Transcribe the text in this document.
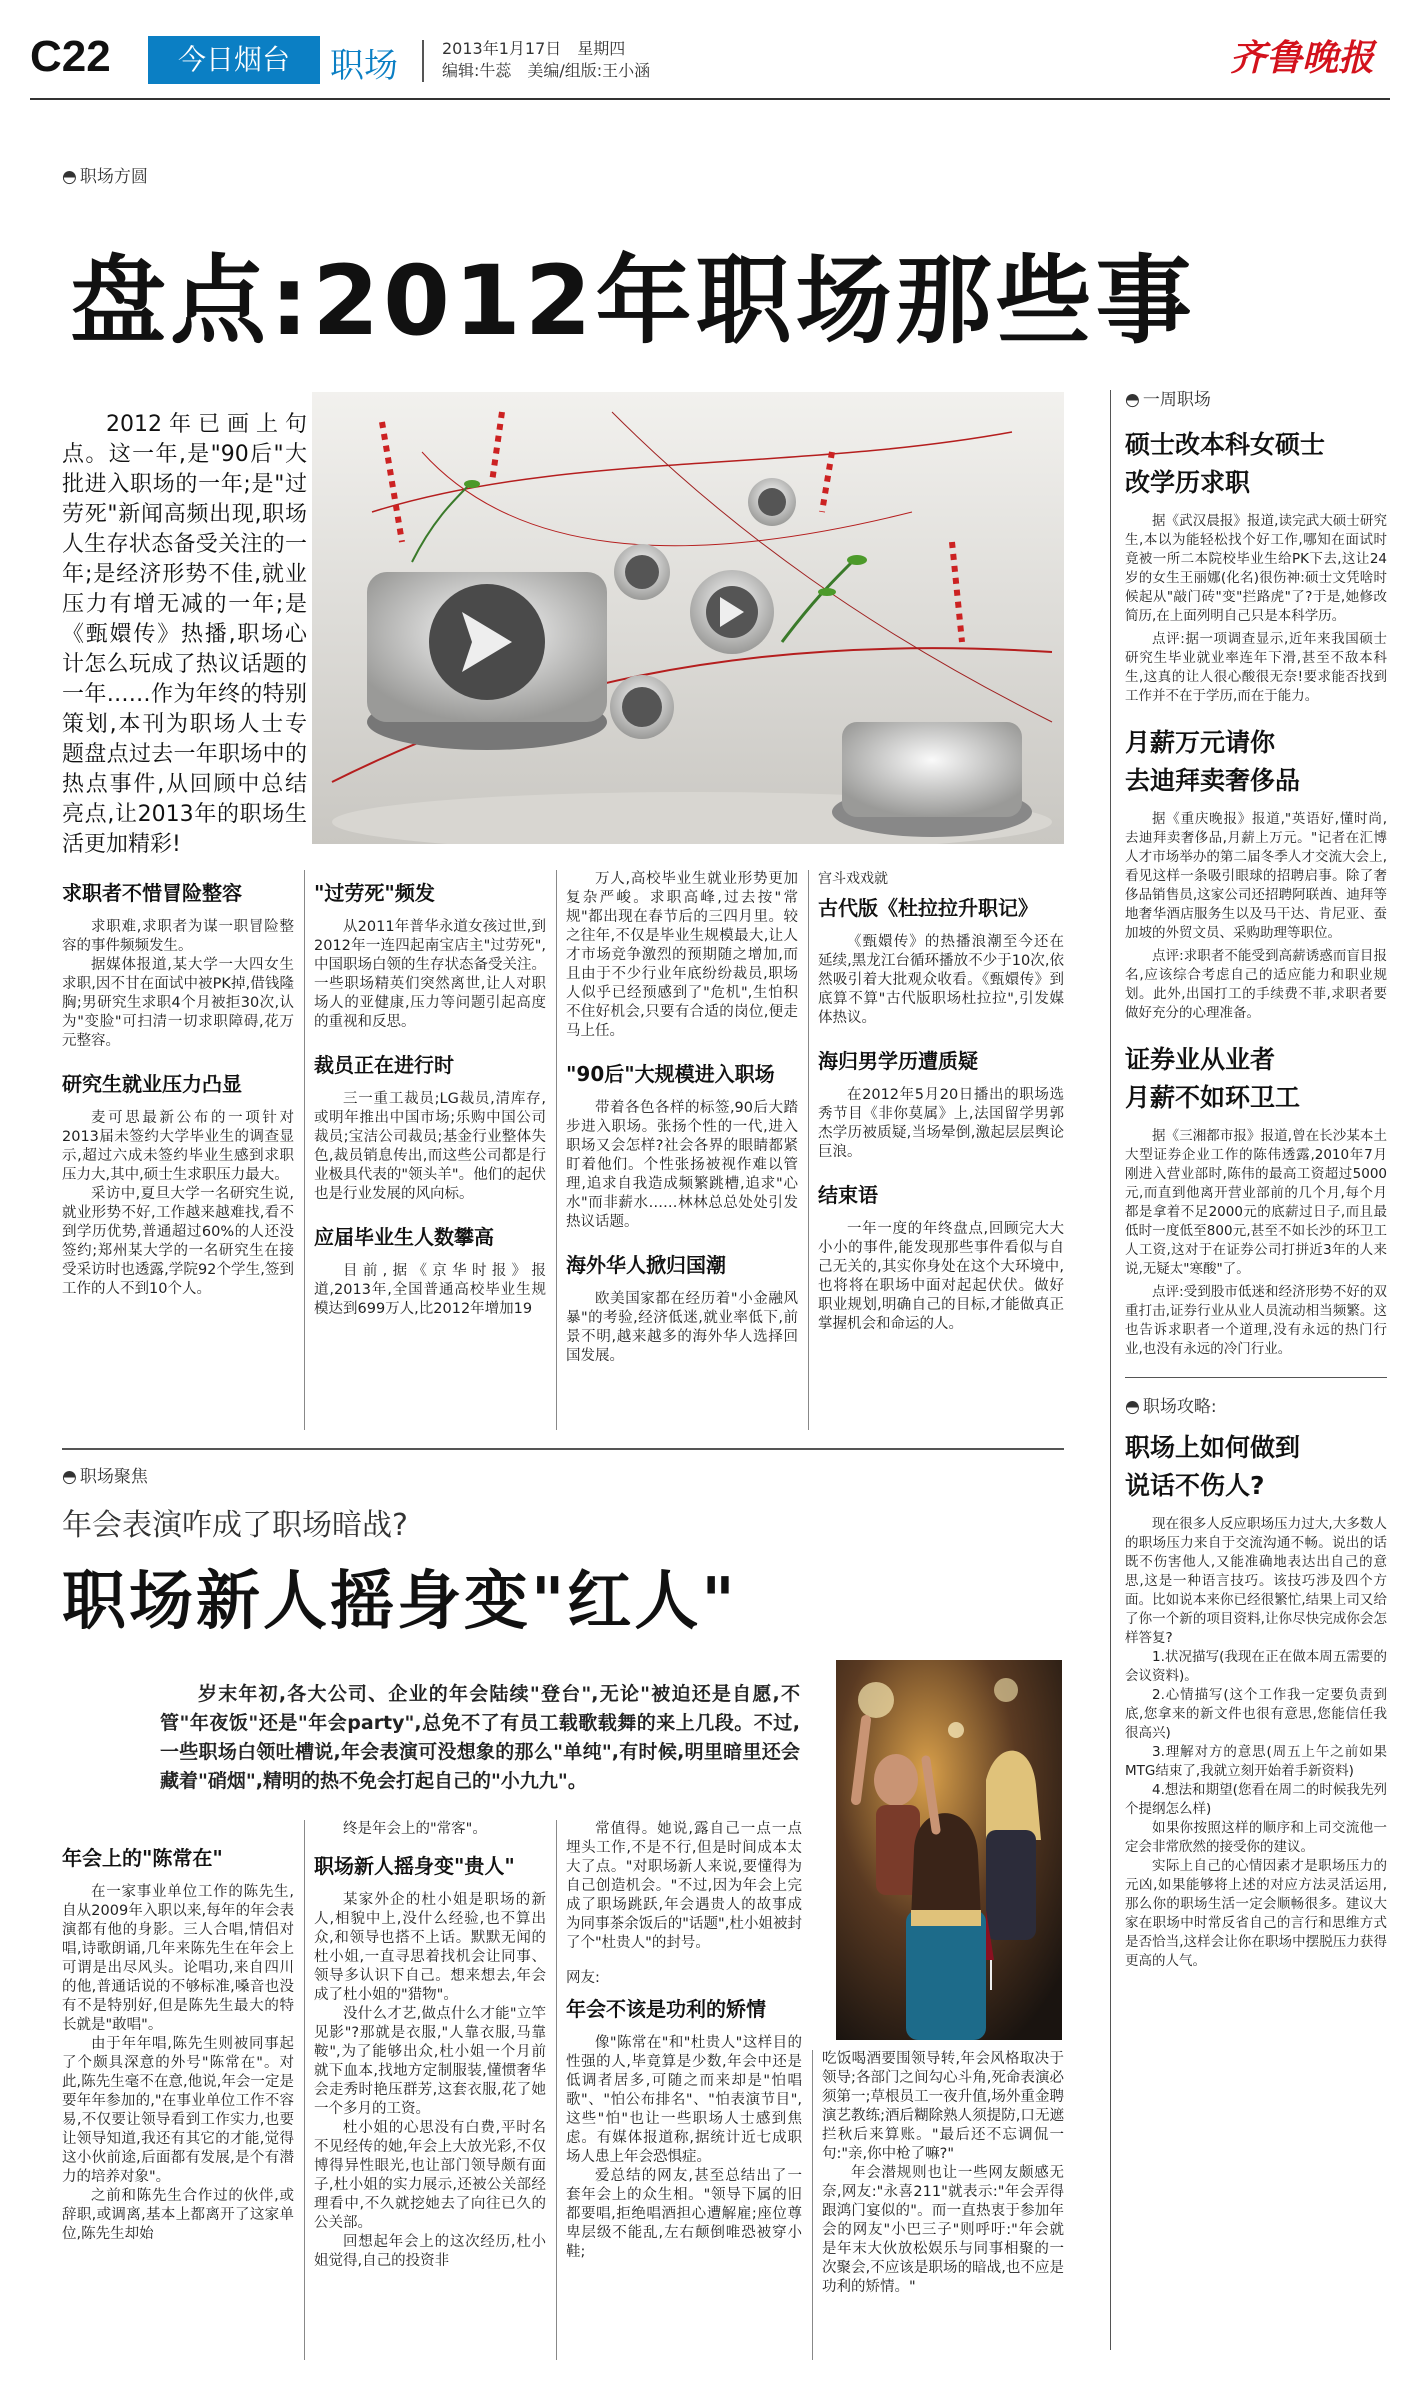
C22	今日烟台	职场	2013年1月17日　星期四
编辑:牛蕊　美编/组版:王小涵	齐鲁晚报
◓ 职场方圆
盘点:2012年职场那些事

2012年已画上句点。这一年,是"90后"大批进入职场的一年;是"过劳死"新闻高频出现,职场人生存状态备受关注的一年;是经济形势不佳,就业压力有增无减的一年;是《甄嬛传》热播,职场心计怎么玩成了热议话题的一年……作为年终的特别策划,本刊为职场人士专题盘点过去一年职场中的热点事件,从回顾中总结亮点,让2013年的职场生活更加精彩!

求职者不惜冒险整容

求职难,求职者为谋一职冒险整容的事件频频发生。

据媒体报道,某大学一大四女生求职,因不甘在面试中被PK掉,借钱隆胸;男研究生求职4个月被拒30次,认为"变脸"可扫清一切求职障碍,花万元整容。

研究生就业压力凸显

麦可思最新公布的一项针对2013届未签约大学毕业生的调查显示,超过六成未签约毕业生感到求职压力大,其中,硕士生求职压力最大。

采访中,夏旦大学一名研究生说,就业形势不好,工作越来越难找,看不到学历优势,普通超过60%的人还没签约;郑州某大学的一名研究生在接受采访时也透露,学院92个学生,签到工作的人不到10个人。

"过劳死"频发

从2011年普华永道女孩过世,到2012年一连四起南宝店主"过劳死",中国职场白领的生存状态备受关注。一些职场精英们突然离世,让人对职场人的亚健康,压力等问题引起高度的重视和反思。

裁员正在进行时

三一重工裁员;LG裁员,清库存,或明年推出中国市场;乐购中国公司裁员;宝洁公司裁员;基金行业整体失色,裁员销息传出,而这些公司都是行业极具代表的"领头羊"。他们的起伏也是行业发展的风向标。

应届毕业生人数攀高

目前,据《京华时报》报道,2013年,全国普通高校毕业生规模达到699万人,比2012年增加19

万人,高校毕业生就业形势更加复杂严峻。求职高峰,过去按"常规"都出现在春节后的三四月里。较之往年,不仅是毕业生规模最大,让人才市场竞争激烈的预期随之增加,而且由于不少行业年底纷纷裁员,职场人似乎已经预感到了"危机",生怕积不住好机会,只要有合适的岗位,便走马上任。

"90后"大规模进入职场

带着各色各样的标签,90后大踏步进入职场。张扬个性的一代,进入职场又会怎样?社会各界的眼睛都紧盯着他们。个性张扬被视作难以管理,追求自我造成频繁跳槽,追求"心水"而非薪水……林林总总处处引发热议话题。

海外华人掀归国潮

欧美国家都在经历着"小金融风暴"的考验,经济低迷,就业率低下,前景不明,越来越多的海外华人选择回国发展。

宫斗戏戏就
古代版《杜拉拉升职记》

《甄嬛传》的热播浪潮至今还在延续,黑龙江台循环播放不少于10次,依然吸引着大批观众收看。《甄嬛传》到底算不算"古代版职场杜拉拉",引发媒体热议。

海归男学历遭质疑

在2012年5月20日播出的职场选秀节目《非你莫属》上,法国留学男郭杰学历被质疑,当场晕倒,激起层层舆论巨浪。

结束语

一年一度的年终盘点,回顾完大大小小的事件,能发现那些事件看似与自己无关的,其实你身处在这个大环境中,也将将在职场中面对起起伏伏。做好职业规划,明确自己的目标,才能做真正掌握机会和命运的人。

◓ 一周职场
硕士改本科女硕士
改学历求职

据《武汉晨报》报道,读完武大硕士研究生,本以为能轻松找个好工作,哪知在面试时竟被一所二本院校毕业生给PK下去,这让24岁的女生王丽娜(化名)很伤神:硕士文凭啥时候起从"敲门砖"变"拦路虎"了?于是,她修改简历,在上面列明自己只是本科学历。

点评:据一项调查显示,近年来我国硕士研究生毕业就业率连年下滑,甚至不敌本科生,这真的让人很心酸很无奈!要求能否找到工作并不在于学历,而在于能力。

月薪万元请你
去迪拜卖奢侈品

据《重庆晚报》报道,"英语好,懂时尚,去迪拜卖奢侈品,月薪上万元。"记者在汇博人才市场举办的第二届冬季人才交流大会上,看见这样一条吸引眼球的招聘启事。除了奢侈品销售员,这家公司还招聘阿联酋、迪拜等地奢华酒店服务生以及马干达、肯尼亚、蚕加坡的外贸文员、采购助理等职位。

点评:求职者不能受到高薪诱惑而盲目报名,应该综合考虑自己的适应能力和职业规划。此外,出国打工的手续费不菲,求职者要做好充分的心理准备。

证券业从业者
月薪不如环卫工

据《三湘都市报》报道,曾在长沙某本土大型证券企业工作的陈伟透露,2010年7月刚进入营业部时,陈伟的最高工资超过5000元,而直到他离开营业部前的几个月,每个月都是拿着不足2000元的底薪过日子,而且最低时一度低至800元,甚至不如长沙的环卫工人工资,这对于在证券公司打拼近3年的人来说,无疑太"寒酸"了。

点评:受到股市低迷和经济形势不好的双重打击,证券行业从业人员流动相当频繁。这也告诉求职者一个道理,没有永远的热门行业,也没有永远的冷门行业。

◓ 职场攻略:
职场上如何做到
说话不伤人?

现在很多人反应职场压力过大,大多数人的职场压力来自于交流沟通不畅。说出的话既不伤害他人,又能准确地表达出自己的意思,这是一种语言技巧。该技巧涉及四个方面。比如说本来你已经很繁忙,结果上司又给了你一个新的项目资料,让你尽快完成你会怎样答复?

1.状况描写(我现在正在做本周五需要的会议资料)。

2.心情描写(这个工作我一定要负责到底,您拿来的新文件也很有意思,您能信任我很高兴)

3.理解对方的意思(周五上午之前如果MTG结束了,我就立刻开始着手新资料)

4.想法和期望(您看在周二的时候我先列个提纲怎么样)

如果你按照这样的顺序和上司交流他一定会非常欣然的接受你的建议。

实际上自己的心情因素才是职场压力的元凶,如果能够将上述的对应方法灵活运用,那么你的职场生活一定会顺畅很多。建议大家在职场中时常反省自己的言行和思维方式是否恰当,这样会让你在职场中摆脱压力获得更高的人气。

◓ 职场聚焦
年会表演咋成了职场暗战?
职场新人摇身变"红人"
岁末年初,各大公司、企业的年会陆续"登台",无论"被迫还是自愿,不管"年夜饭"还是"年会party",总免不了有员工载歌载舞的来上几段。不过,一些职场白领吐槽说,年会表演可没想象的那么"单纯",有时候,明里暗里还会藏着"硝烟",精明的热不免会打起自己的"小九九"。
年会上的"陈常在"

在一家事业单位工作的陈先生,自从2009年入职以来,每年的年会表演都有他的身影。三人合唱,情侣对唱,诗歌朗诵,几年来陈先生在年会上可谓是出尽风头。论唱功,来自四川的他,普通话说的不够标准,嗓音也没有不是特别好,但是陈先生最大的特长就是"敢唱"。

由于年年唱,陈先生则被同事起了个颇具深意的外号"陈常在"。对此,陈先生毫不在意,他说,年会一定是要年年参加的,"在事业单位工作不容易,不仅要让领导看到工作实力,也要让领导知道,我还有其它的才能,觉得这小伙前途,后面都有发展,是个有潜力的培养对象"。

之前和陈先生合作过的伙伴,或辞职,或调离,基本上都离开了这家单位,陈先生却始

终是年会上的"常客"。

职场新人摇身变"贵人"

某家外企的杜小姐是职场的新人,相貌中上,没什么经验,也不算出众,和领导也搭不上话。默默无闻的杜小姐,一直寻思着找机会让同事、领导多认识下自己。想来想去,年会成了杜小姐的"猎物"。

没什么才艺,做点什么才能"立竿见影"?那就是衣服,"人靠衣服,马靠鞍",为了能够出众,杜小姐一个月前就下血本,找地方定制服装,懂惯奢华会走秀时艳压群芳,这套衣服,花了她一个多月的工资。

杜小姐的心思没有白费,平时名不见经传的她,年会上大放光彩,不仅博得异性眼光,也让部门领导颇有面子,杜小姐的实力展示,还被公关部经理看中,不久就挖她去了向往已久的公关部。

回想起年会上的这次经历,杜小姐觉得,自己的投资非

常值得。她说,露自己一点一点埋头工作,不是不行,但是时间成本太大了点。"对职场新人来说,要懂得为自己创造机会。"不过,因为年会上完成了职场跳跃,年会遇贵人的故事成为同事茶余饭后的"话题",杜小姐被封了个"杜贵人"的封号。

网友:
年会不该是功利的矫情

像"陈常在"和"杜贵人"这样目的性强的人,毕竟算是少数,年会中还是低调者居多,可随之而来却是"怕唱歌"、"怕公布排名"、"怕表演节目",这些"怕"也让一些职场人士感到焦虑。有媒体报道称,据统计近七成职场人患上年会恐惧症。

爱总结的网友,甚至总结出了一套年会上的众生相。"领导下属的旧都要唱,拒绝唱酒担心遭解雇;座位尊卑层级不能乱,左右颠倒唯恐被穿小鞋;

吃饭喝酒要围领导转,年会风格取决于领导;各部门之间勾心斗角,死命表演必须第一;草根员工一夜升值,场外重金聘演艺教练;酒后糊除熟人须提防,口无遮拦秋后来算账。"最后还不忘调侃一句:"亲,你中枪了嘛?"

年会潜规则也让一些网友颇感无奈,网友:"永喜211"就表示:"年会弄得跟鸿门宴似的"。而一直热衷于参加年会的网友"小巴三子"则呼吁:"年会就是年末大伙放松娱乐与同事相聚的一次聚会,不应该是职场的暗战,也不应是功利的矫情。"
